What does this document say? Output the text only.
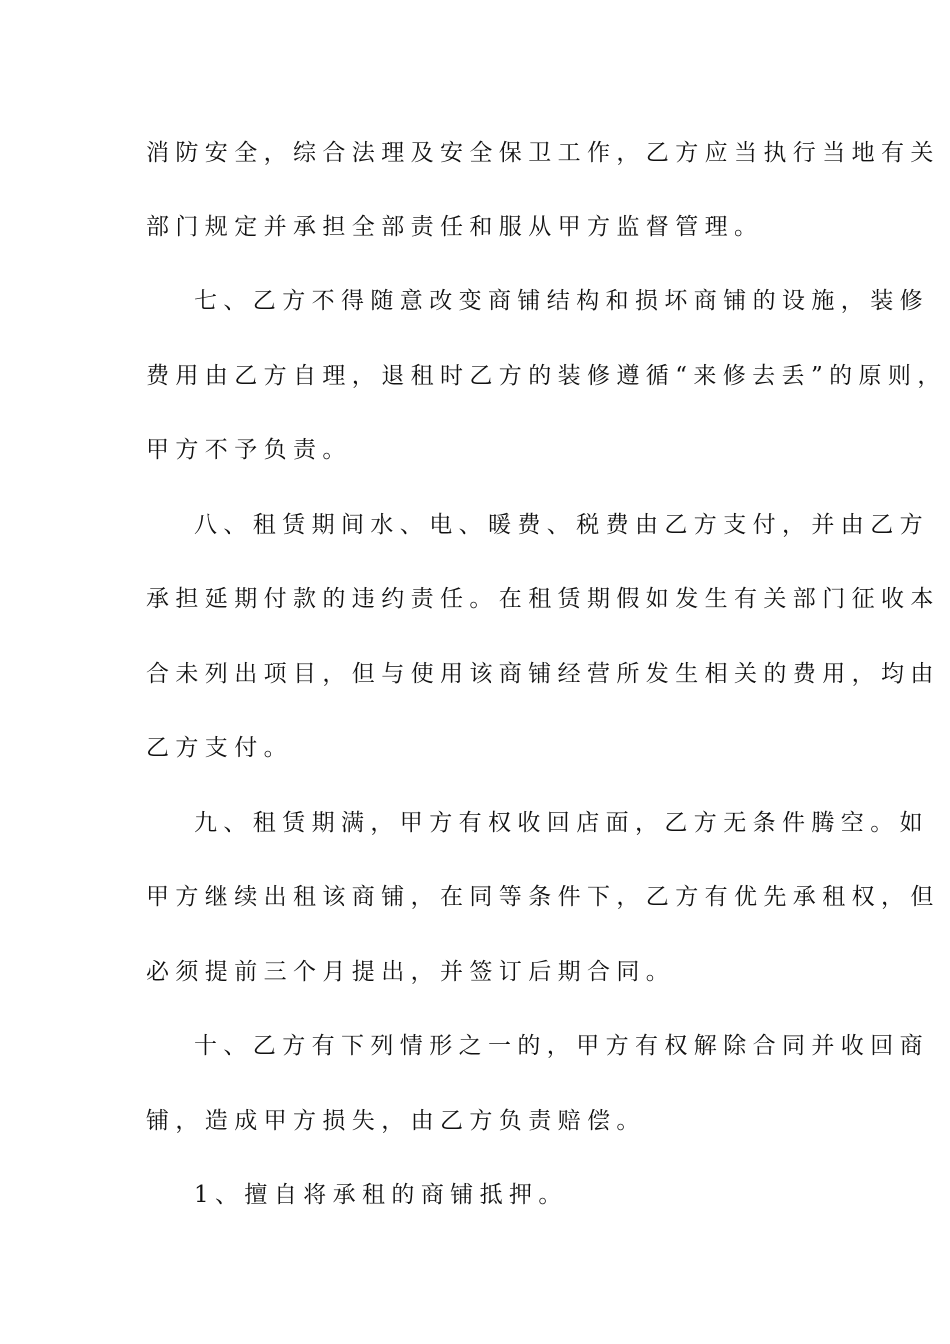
消防安全，综合法理及安全保卫工作，乙方应当执行当地有关
部门规定并承担全部责任和服从甲方监督管理。
七、乙方不得随意改变商铺结构和损坏商铺的设施，装修
费用由乙方自理，退租时乙方的装修遵循“来修去丢”的原则，
甲方不予负责。
八、租赁期间水、电、暖费、税费由乙方支付，并由乙方
承担延期付款的违约责任。在租赁期假如发生有关部门征收本
合未列出项目，但与使用该商铺经营所发生相关的费用，均由
乙方支付。
九、租赁期满，甲方有权收回店面，乙方无条件腾空。如
甲方继续出租该商铺，在同等条件下，乙方有优先承租权，但
必须提前三个月提出，并签订后期合同。
十、乙方有下列情形之一的，甲方有权解除合同并收回商
铺，造成甲方损失，由乙方负责赔偿。
1、擅自将承租的商铺抵押。
